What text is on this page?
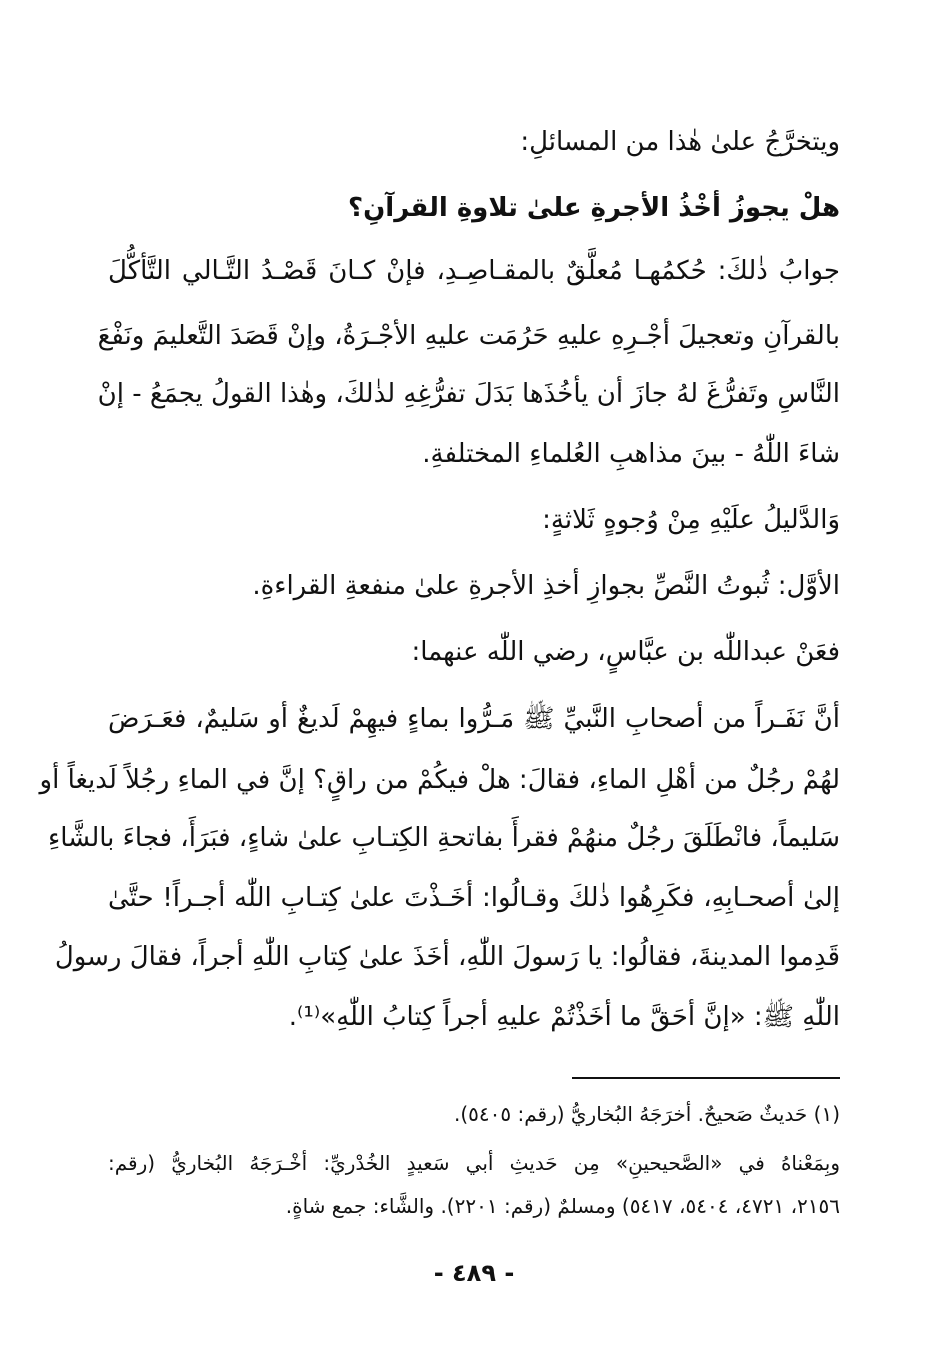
ويتخرَّجُ علىٰ هٰذا من المسائلِ:
هلْ يجوزُ أخْذُ الأجرةِ علىٰ تلاوةِ القرآنِ؟
جوابُ ذٰلكَ: حُكمُهـا مُعلَّقٌ بالمقـاصِـدِ، فإنْ كـانَ قَصْـدُ التَّـالي التَّأكُّلَ
بالقرآنِ وتعجيلَ أجْـرِهِ عليهِ حَرُمَت عليهِ الأجْـرَةُ، وإنْ قَصَدَ التَّعليمَ ونَفْعَ
النَّاسِ وتَفرُّغَ لهُ جازَ أن يأخُذَها بَدَلَ تفرُّغِهِ لذٰلكَ، وهٰذا القولُ يجمَعُ - إنْ
شاءَ اللّٰهُ - بينَ مذاهبِ العُلماءِ المختلفةِ.
وَالدَّليلُ علَيْهِ مِنْ وُجوهٍ ثَلاثةٍ:
الأوَّل: ثُبوتُ النَّصِّ بجوازِ أخذِ الأجرةِ علىٰ منفعةِ القراءةِ.
فعَنْ عبداللّٰه بن عبَّاسٍ، رضي اللّٰه عنهما:
أنَّ نَفَـراً من أصحابِ النَّبيِّ ﷺ مَـرُّوا بماءٍ فيهِمْ لَديغٌ أو سَليمٌ، فعَـرَضَ
لهُمْ رجُلٌ من أهْلِ الماءِ، فقالَ: هلْ فيكُمْ من راقٍ؟ إنَّ في الماءِ رجُلاً لَديغاً أو
سَليماً، فانْطَلَقَ رجُلٌ منهُمْ فقرأَ بفاتحةِ الكِتـابِ علىٰ شاءٍ، فبَرَأَ، فجاءَ بالشَّاءِ
إلىٰ أصحـابِهِ، فكَرِهُوا ذٰلكَ وقـالُوا: أخَـذْتَ علىٰ كِتـابِ اللّٰه أجـراً! حتَّىٰ
قَدِموا المدينةَ، فقالُوا: يا رَسولَ اللّٰهِ، أخَذَ علىٰ كِتابِ اللّٰهِ أجراً، فقالَ رسولُ
اللّٰهِ ﷺ: «إنَّ أحَقَّ ما أخَذْتُمْ عليهِ أجراً كِتابُ اللّٰهِ»⁽¹⁾.
(١) حَديثٌ صَحيحٌ. أخرَجَهُ البُخاريُّ (رقم: ٥٤٠٥).
وبِمَعْناهُ في «الصَّحيحينِ» مِن حَديثِ أبي سَعيدٍ الخُدْريِّ: أخْـرَجَهُ البُخاريُّ (رقم:
٢١٥٦، ٤٧٢١، ٥٤٠٤، ٥٤١٧) ومسلمٌ (رقم: ٢٢٠١). والشَّاء: جمع شاةٍ.
- ٤٨٩ -
